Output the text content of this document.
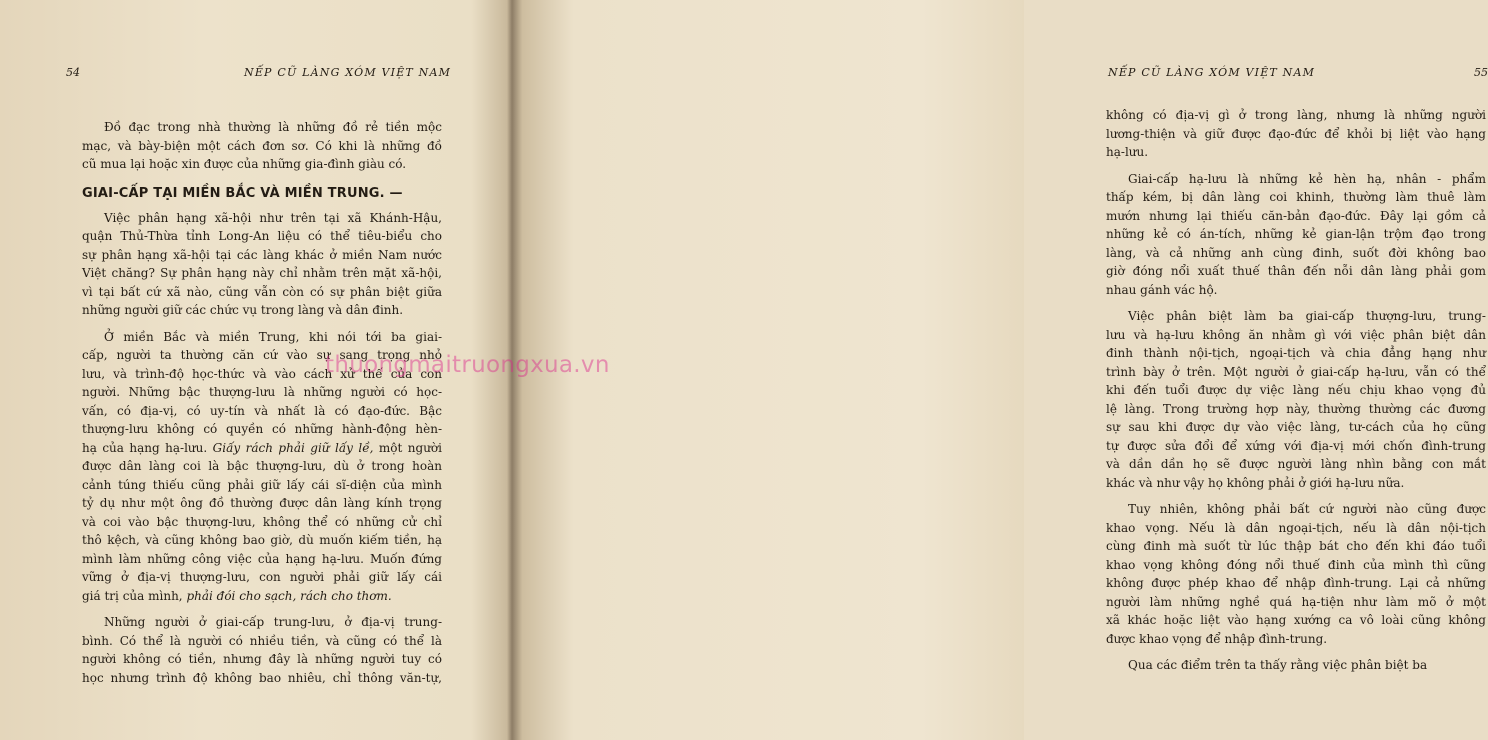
54	NẾP CŨ LÀNG XÓM VIỆT NAM
Đồ đạc trong nhà thường là những đồ rẻ tiền mộc
mạc, và bày-biện một cách đơn sơ. Có khi là những đồ
cũ mua lại hoặc xin được của những gia-đình giàu có.
GIAI-CẤP TẠI MIỀN BẮC VÀ MIỀN TRUNG. —
Việc phân hạng xã-hội như trên tại xã Khánh-Hậu,
quận Thủ-Thừa tỉnh Long-An liệu có thể tiêu-biểu cho
sự phân hạng xã-hội tại các làng khác ở miền Nam nước
Việt chăng? Sự phân hạng này chỉ nhằm trên mặt xã-hội,
vì tại bất cứ xã nào, cũng vẫn còn có sự phân biệt giữa
những người giữ các chức vụ trong làng và dân đinh.
Ở miền Bắc và miền Trung, khi nói tới ba giai-
cấp, người ta thường căn cứ vào sự sang trọng nhỏ
lưu, và trình-độ học-thức và vào cách xử thế của con
người. Những bậc thượng-lưu là những người có học-
vấn, có địa-vị, có uy-tín và nhất là có đạo-đức. Bậc
thượng-lưu không có quyền có những hành-động hèn-
hạ của hạng hạ-lưu. Giấy rách phải giữ lấy lề, một người
được dân làng coi là bậc thượng-lưu, dù ở trong hoàn
cảnh túng thiếu cũng phải giữ lấy cái sĩ-diện của mình
tỷ dụ như một ông đồ thường được dân làng kính trọng
và coi vào bậc thượng-lưu, không thể có những cử chỉ
thô kệch, và cũng không bao giờ, dù muốn kiếm tiền, hạ
mình làm những công việc của hạng hạ-lưu. Muốn đứng
vững ở địa-vị thượng-lưu, con người phải giữ lấy cái
giá trị của mình, phải đói cho sạch, rách cho thơm.
Những người ở giai-cấp trung-lưu, ở địa-vị trung-
bình. Có thể là người có nhiều tiền, và cũng có thể là
người không có tiền, nhưng đây là những người tuy có
học nhưng trình độ không bao nhiêu, chỉ thông văn-tự,
NẾP CŨ LÀNG XÓM VIỆT NAM	55
không có địa-vị gì ở trong làng, nhưng là những người
lương-thiện và giữ được đạo-đức để khỏi bị liệt vào hạng
hạ-lưu.
Giai-cấp hạ-lưu là những kẻ hèn hạ, nhân - phẩm
thấp kém, bị dân làng coi khinh, thường làm thuê làm
mướn nhưng lại thiếu căn-bản đạo-đức. Đây lại gồm cả
những kẻ có án-tích, những kẻ gian-lận trộm đạo trong
làng, và cả những anh cùng đinh, suốt đời không bao
giờ đóng nổi xuất thuế thân đến nỗi dân làng phải gom
nhau gánh vác hộ.
Việc phân biệt làm ba giai-cấp thượng-lưu, trung-
lưu và hạ-lưu không ăn nhằm gì với việc phân biệt dân
đinh thành nội-tịch, ngoại-tịch và chia đẳng hạng như
trình bày ở trên. Một người ở giai-cấp hạ-lưu, vẫn có thể
khi đến tuổi được dự việc làng nếu chịu khao vọng đủ
lệ làng. Trong trường hợp này, thường thường các đương
sự sau khi được dự vào việc làng, tư-cách của họ cũng
tự được sửa đổi để xứng với địa-vị mới chốn đình-trung
và dần dần họ sẽ được người làng nhìn bằng con mắt
khác và như vậy họ không phải ở giới hạ-lưu nữa.
Tuy nhiên, không phải bất cứ người nào cũng được
khao vọng. Nếu là dân ngoại-tịch, nếu là dân nội-tịch
cùng đinh mà suốt từ lúc thập bát cho đến khi đáo tuổi
khao vọng không đóng nổi thuế đinh của mình thì cũng
không được phép khao để nhập đình-trung. Lại cả những
người làm những nghề quá hạ-tiện như làm mõ ở một
xã khác hoặc liệt vào hạng xướng ca vô loài cũng không
được khao vọng để nhập đình-trung.
Qua các điểm trên ta thấy rằng việc phân biệt ba
thuongmaitruongxua.vn
